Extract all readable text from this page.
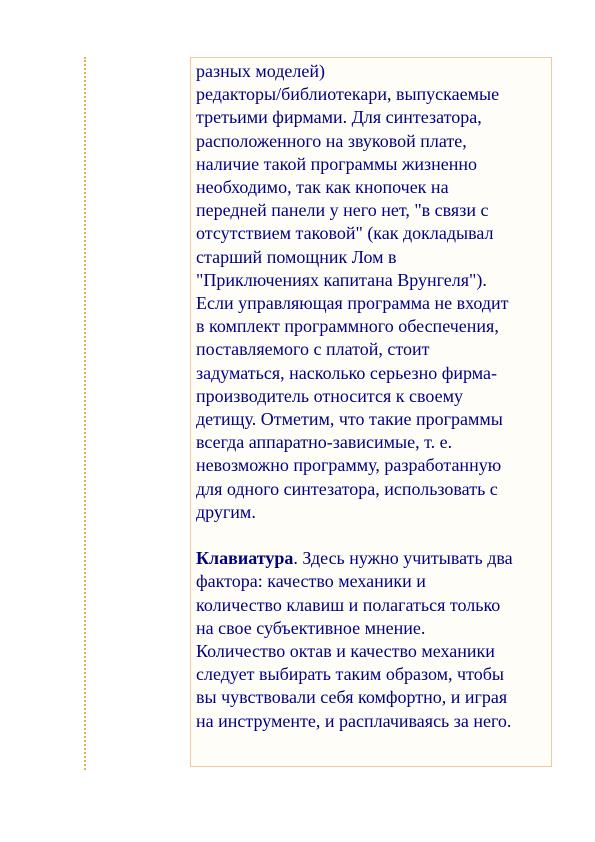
разных моделей)
редакторы/библиотекари, выпускаемые
третьими фирмами. Для синтезатора,
расположенного на звуковой плате,
наличие такой программы жизненно
необходимо, так как кнопочек на
передней панели у него нет, "в связи с
отсутствием таковой" (как докладывал
старший помощник Лом в
"Приключениях капитана Врунгеля").
Если управляющая программа не входит
в комплект программного обеспечения,
поставляемого с платой, стоит
задуматься, насколько серьезно фирма-
производитель относится к своему
детищу. Отметим, что такие программы
всегда аппаратно-зависимые, т. е.
невозможно программу, разработанную
для одного синтезатора, использовать с
другим.
Клавиатура. Здесь нужно учитывать два
фактора: качество механики и
количество клавиш и полагаться только
на свое субъективное мнение.
Количество октав и качество механики
следует выбирать таким образом, чтобы
вы чувствовали себя комфортно, и играя
на инструменте, и расплачиваясь за него.
